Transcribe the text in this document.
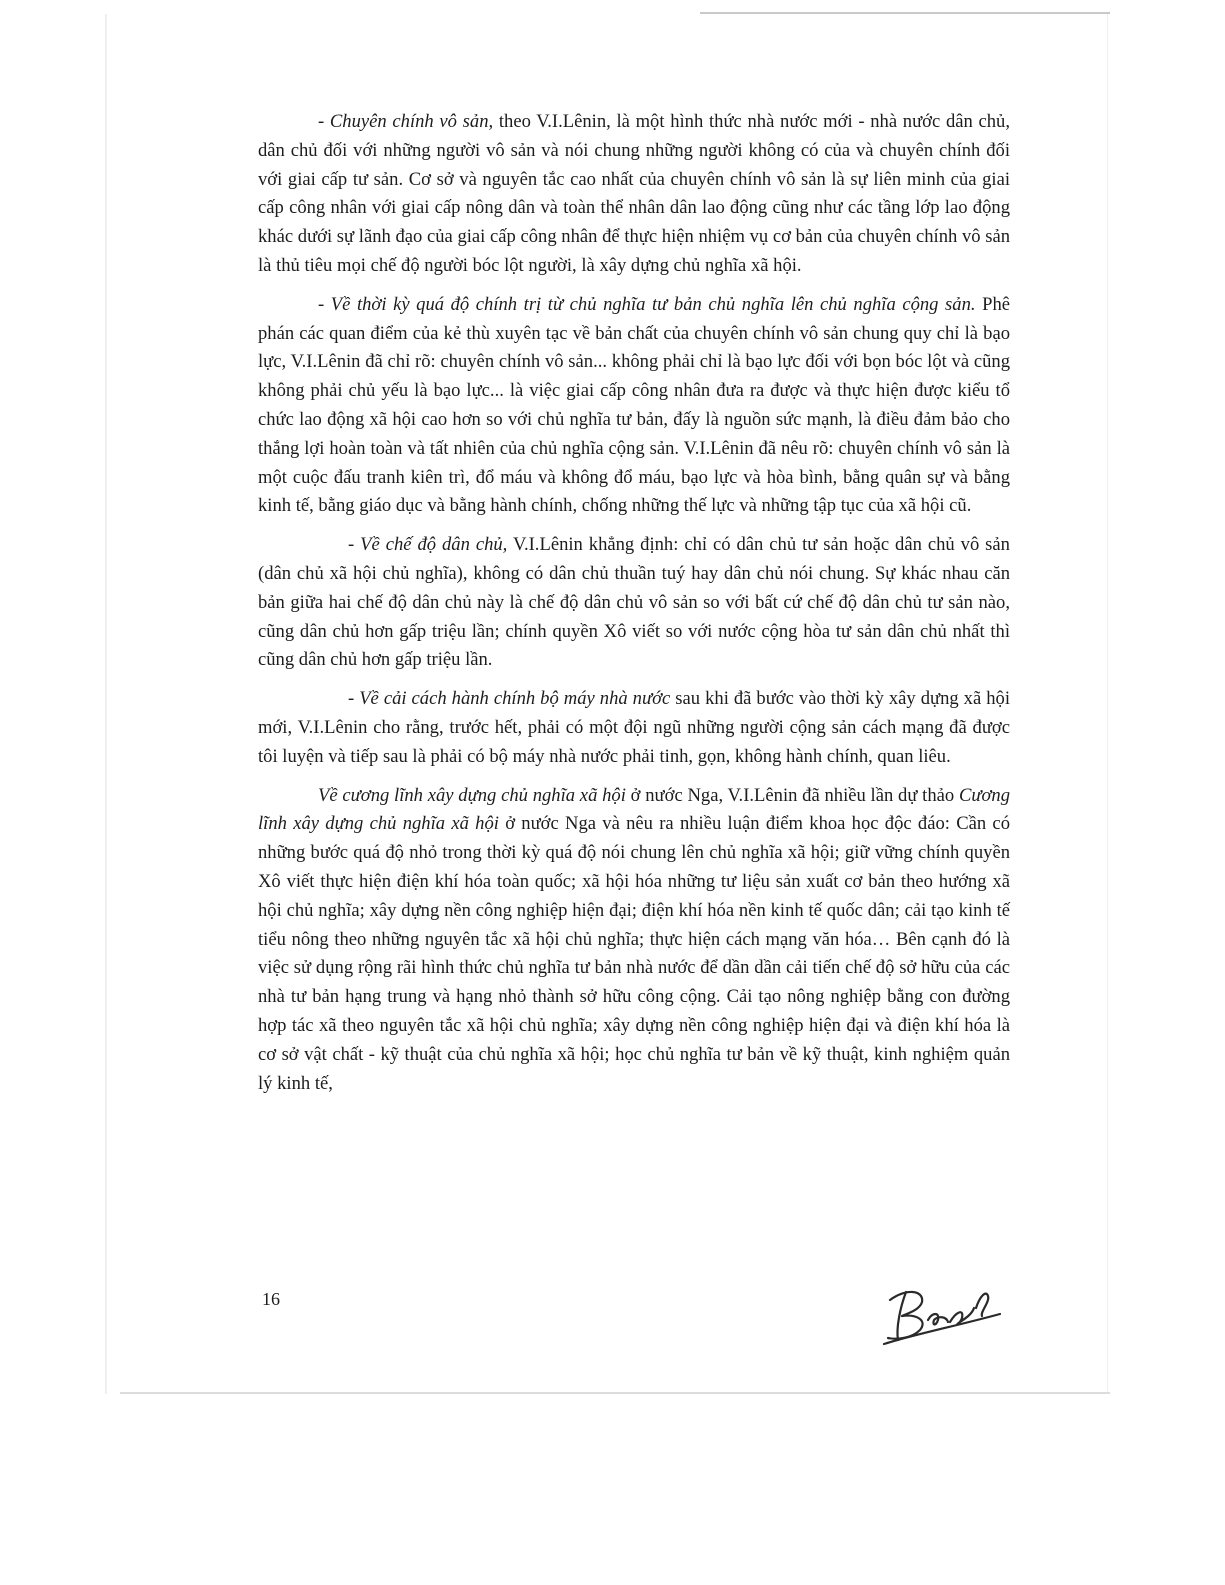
- Chuyên chính vô sản, theo V.I.Lênin, là một hình thức nhà nước mới - nhà nước dân chủ, dân chủ đối với những người vô sản và nói chung những người không có của và chuyên chính đối với giai cấp tư sản. Cơ sở và nguyên tắc cao nhất của chuyên chính vô sản là sự liên minh của giai cấp công nhân với giai cấp nông dân và toàn thể nhân dân lao động cũng như các tầng lớp lao động khác dưới sự lãnh đạo của giai cấp công nhân để thực hiện nhiệm vụ cơ bản của chuyên chính vô sản là thủ tiêu mọi chế độ người bóc lột người, là xây dựng chủ nghĩa xã hội.

- Về thời kỳ quá độ chính trị từ chủ nghĩa tư bản chủ nghĩa lên chủ nghĩa cộng sản. Phê phán các quan điểm của kẻ thù xuyên tạc về bản chất của chuyên chính vô sản chung quy chỉ là bạo lực, V.I.Lênin đã chỉ rõ: chuyên chính vô sản... không phải chỉ là bạo lực đối với bọn bóc lột và cũng không phải chủ yếu là bạo lực... là việc giai cấp công nhân đưa ra được và thực hiện được kiểu tổ chức lao động xã hội cao hơn so với chủ nghĩa tư bản, đấy là nguồn sức mạnh, là điều đảm bảo cho thắng lợi hoàn toàn và tất nhiên của chủ nghĩa cộng sản. V.I.Lênin đã nêu rõ: chuyên chính vô sản là một cuộc đấu tranh kiên trì, đổ máu và không đổ máu, bạo lực và hòa bình, bằng quân sự và bằng kinh tế, bằng giáo dục và bằng hành chính, chống những thế lực và những tập tục của xã hội cũ.

- Về chế độ dân chủ, V.I.Lênin khẳng định: chỉ có dân chủ tư sản hoặc dân chủ vô sản (dân chủ xã hội chủ nghĩa), không có dân chủ thuần tuý hay dân chủ nói chung. Sự khác nhau căn bản giữa hai chế độ dân chủ này là chế độ dân chủ vô sản so với bất cứ chế độ dân chủ tư sản nào, cũng dân chủ hơn gấp triệu lần; chính quyền Xô viết so với nước cộng hòa tư sản dân chủ nhất thì cũng dân chủ hơn gấp triệu lần.

- Về cải cách hành chính bộ máy nhà nước sau khi đã bước vào thời kỳ xây dựng xã hội mới, V.I.Lênin cho rằng, trước hết, phải có một đội ngũ những người cộng sản cách mạng đã được tôi luyện và tiếp sau là phải có bộ máy nhà nước phải tinh, gọn, không hành chính, quan liêu.

Về cương lĩnh xây dựng chủ nghĩa xã hội ở nước Nga, V.I.Lênin đã nhiều lần dự thảo Cương lĩnh xây dựng chủ nghĩa xã hội ở nước Nga và nêu ra nhiều luận điểm khoa học độc đáo: Cần có những bước quá độ nhỏ trong thời kỳ quá độ nói chung lên chủ nghĩa xã hội; giữ vững chính quyền Xô viết thực hiện điện khí hóa toàn quốc; xã hội hóa những tư liệu sản xuất cơ bản theo hướng xã hội chủ nghĩa; xây dựng nền công nghiệp hiện đại; điện khí hóa nền kinh tế quốc dân; cải tạo kinh tế tiểu nông theo những nguyên tắc xã hội chủ nghĩa; thực hiện cách mạng văn hóa… Bên cạnh đó là việc sử dụng rộng rãi hình thức chủ nghĩa tư bản nhà nước để dần dần cải tiến chế độ sở hữu của các nhà tư bản hạng trung và hạng nhỏ thành sở hữu công cộng. Cải tạo nông nghiệp bằng con đường hợp tác xã theo nguyên tắc xã hội chủ nghĩa; xây dựng nền công nghiệp hiện đại và điện khí hóa là cơ sở vật chất - kỹ thuật của chủ nghĩa xã hội; học chủ nghĩa tư bản về kỹ thuật, kinh nghiệm quản lý kinh tế,

16
